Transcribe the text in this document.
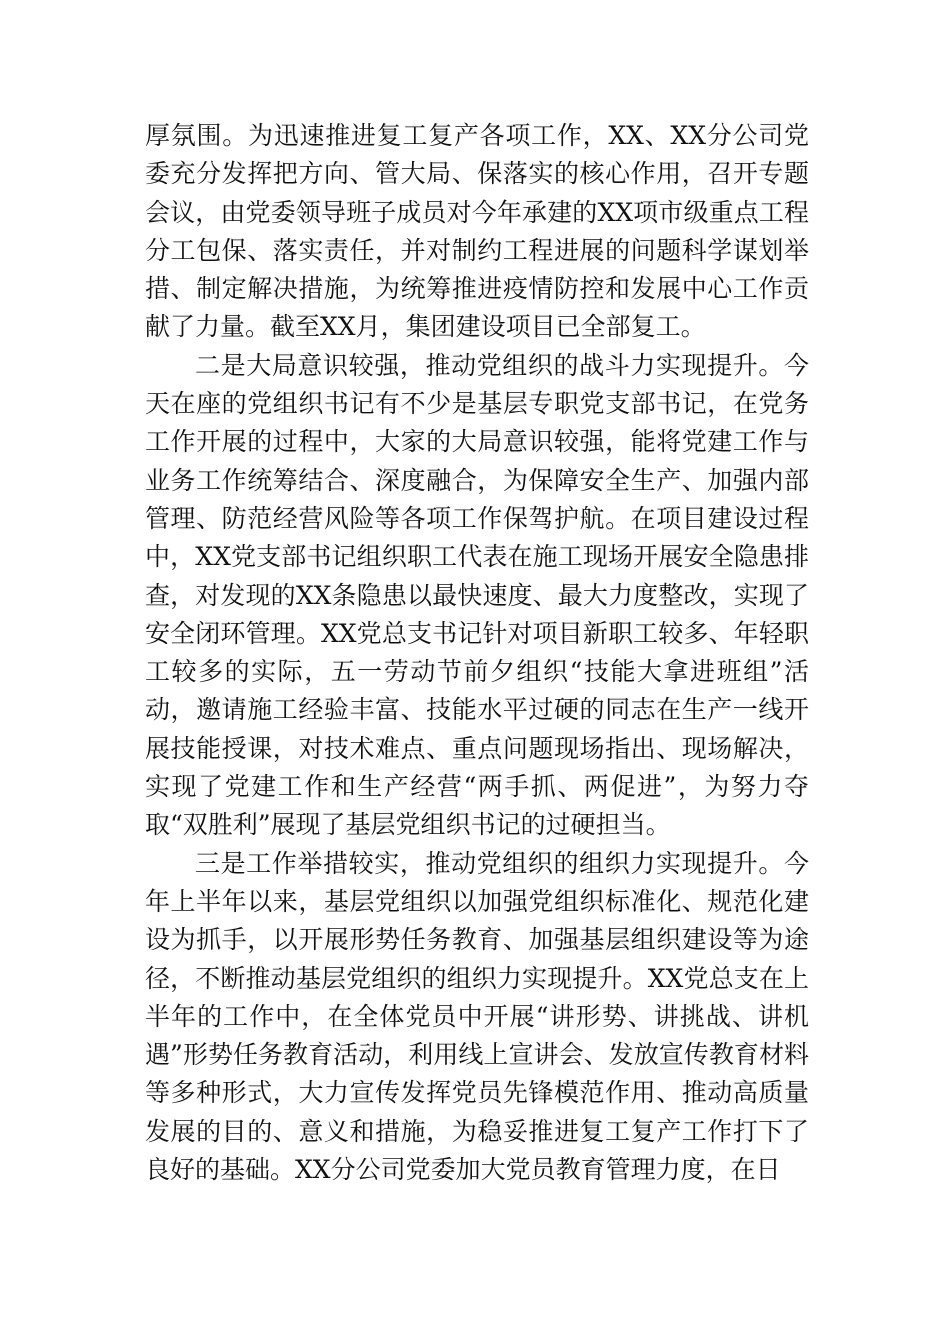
厚氛围。为迅速推进复工复产各项工作，XX、XX分公司党委充分发挥把方向、管大局、保落实的核心作用，召开专题会议，由党委领导班子成员对今年承建的XX项市级重点工程分工包保、落实责任，并对制约工程进展的问题科学谋划举措、制定解决措施，为统筹推进疫情防控和发展中心工作贡献了力量。截至XX月，集团建设项目已全部复工。

二是大局意识较强，推动党组织的战斗力实现提升。今天在座的党组织书记有不少是基层专职党支部书记，在党务工作开展的过程中，大家的大局意识较强，能将党建工作与业务工作统筹结合、深度融合，为保障安全生产、加强内部管理、防范经营风险等各项工作保驾护航。在项目建设过程中，XX党支部书记组织职工代表在施工现场开展安全隐患排查，对发现的XX条隐患以最快速度、最大力度整改，实现了安全闭环管理。XX党总支书记针对项目新职工较多、年轻职工较多的实际，五一劳动节前夕组织“技能大拿进班组”活动，邀请施工经验丰富、技能水平过硬的同志在生产一线开展技能授课，对技术难点、重点问题现场指出、现场解决，实现了党建工作和生产经营“两手抓、两促进”，为努力夺取“双胜利”展现了基层党组织书记的过硬担当。

三是工作举措较实，推动党组织的组织力实现提升。今年上半年以来，基层党组织以加强党组织标准化、规范化建设为抓手，以开展形势任务教育、加强基层组织建设等为途径，不断推动基层党组织的组织力实现提升。XX党总支在上半年的工作中，在全体党员中开展“讲形势、讲挑战、讲机遇”形势任务教育活动，利用线上宣讲会、发放宣传教育材料等多种形式，大力宣传发挥党员先锋模范作用、推动高质量发展的目的、意义和措施，为稳妥推进复工复产工作打下了良好的基础。XX分公司党委加大党员教育管理力度，在日
